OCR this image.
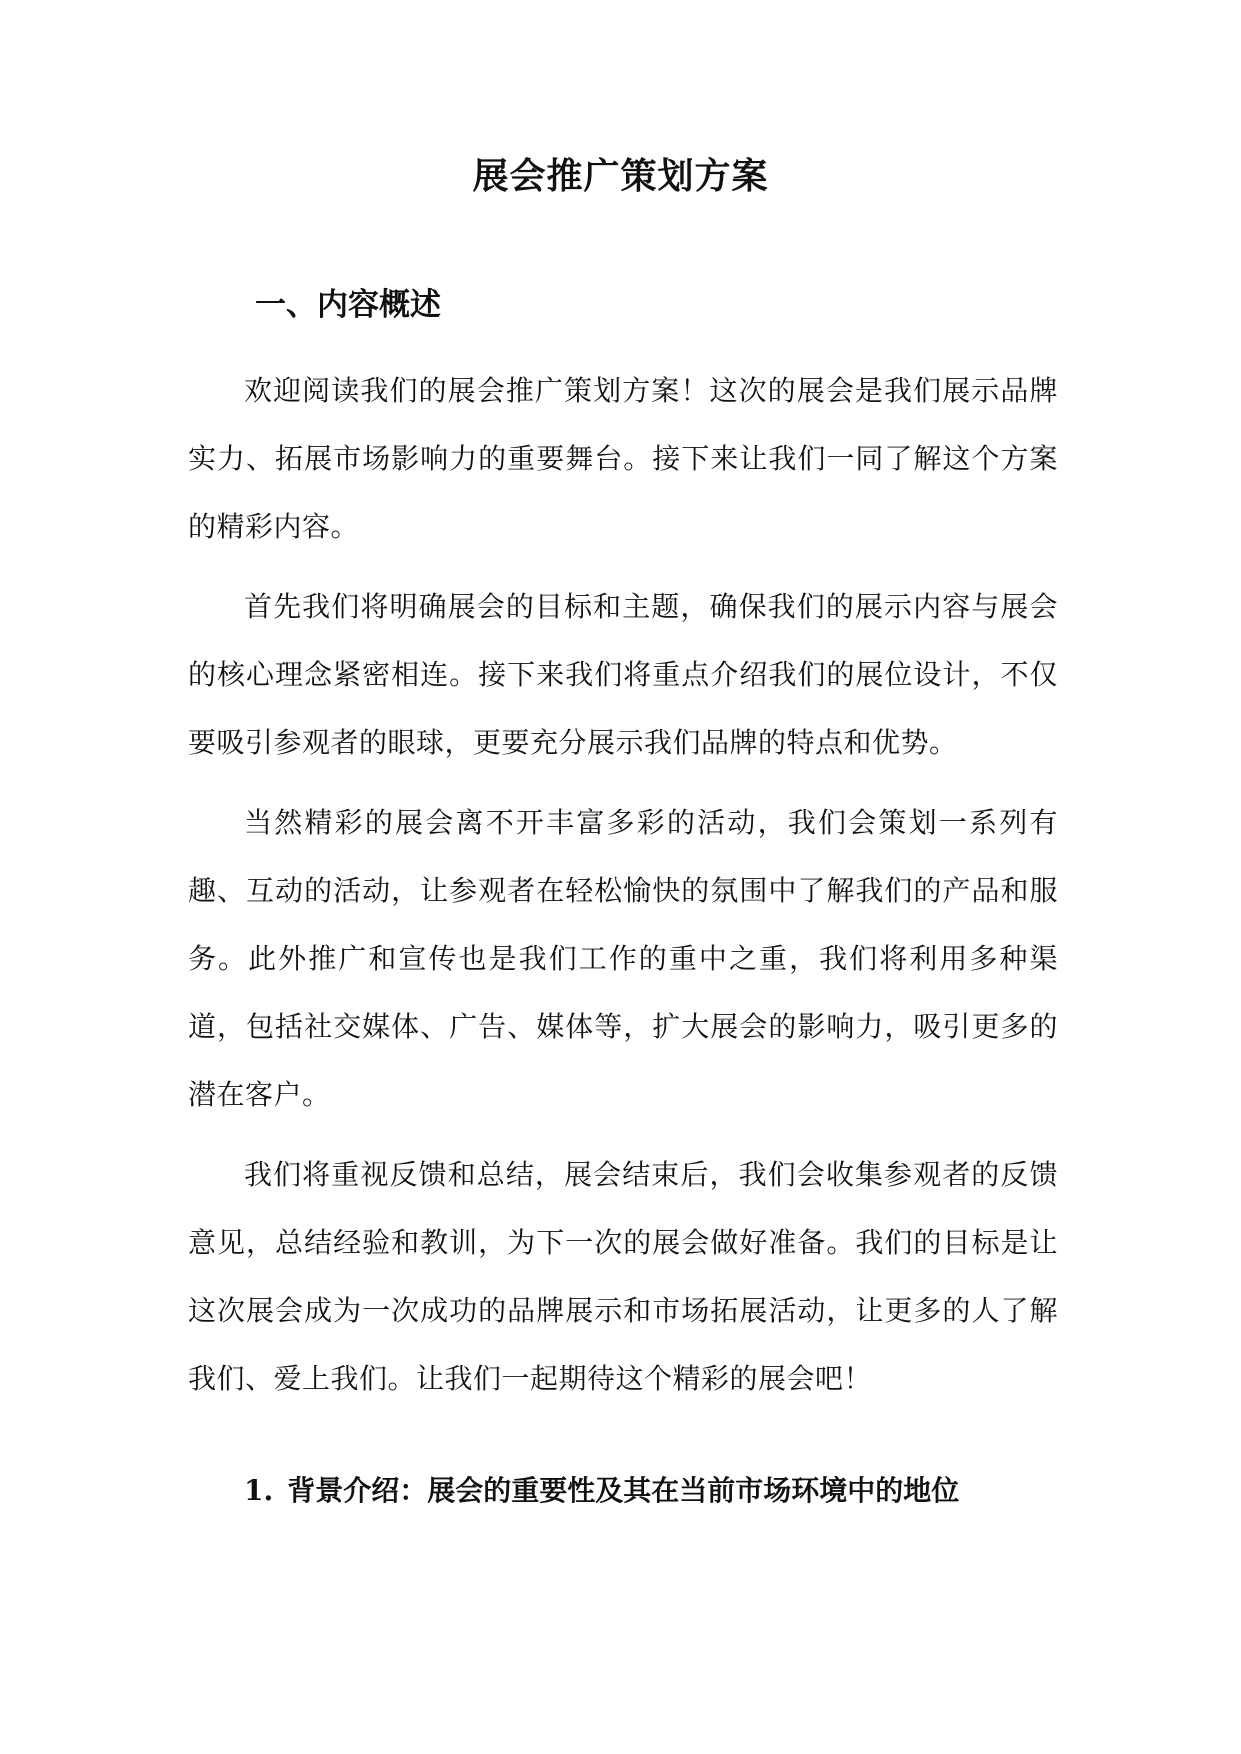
展会推广策划方案
一、内容概述

欢迎阅读我们的展会推广策划方案！这次的展会是我们展示品牌实力、拓展市场影响力的重要舞台。接下来让我们一同了解这个方案的精彩内容。

首先我们将明确展会的目标和主题，确保我们的展示内容与展会的核心理念紧密相连。接下来我们将重点介绍我们的展位设计，不仅要吸引参观者的眼球，更要充分展示我们品牌的特点和优势。

当然精彩的展会离不开丰富多彩的活动，我们会策划一系列有趣、互动的活动，让参观者在轻松愉快的氛围中了解我们的产品和服务。此外推广和宣传也是我们工作的重中之重，我们将利用多种渠道，包括社交媒体、广告、媒体等，扩大展会的影响力，吸引更多的潜在客户。

我们将重视反馈和总结，展会结束后，我们会收集参观者的反馈意见，总结经验和教训，为下一次的展会做好准备。我们的目标是让这次展会成为一次成功的品牌展示和市场拓展活动，让更多的人了解我们、爱上我们。让我们一起期待这个精彩的展会吧！

1. 背景介绍：展会的重要性及其在当前市场环境中的地位
